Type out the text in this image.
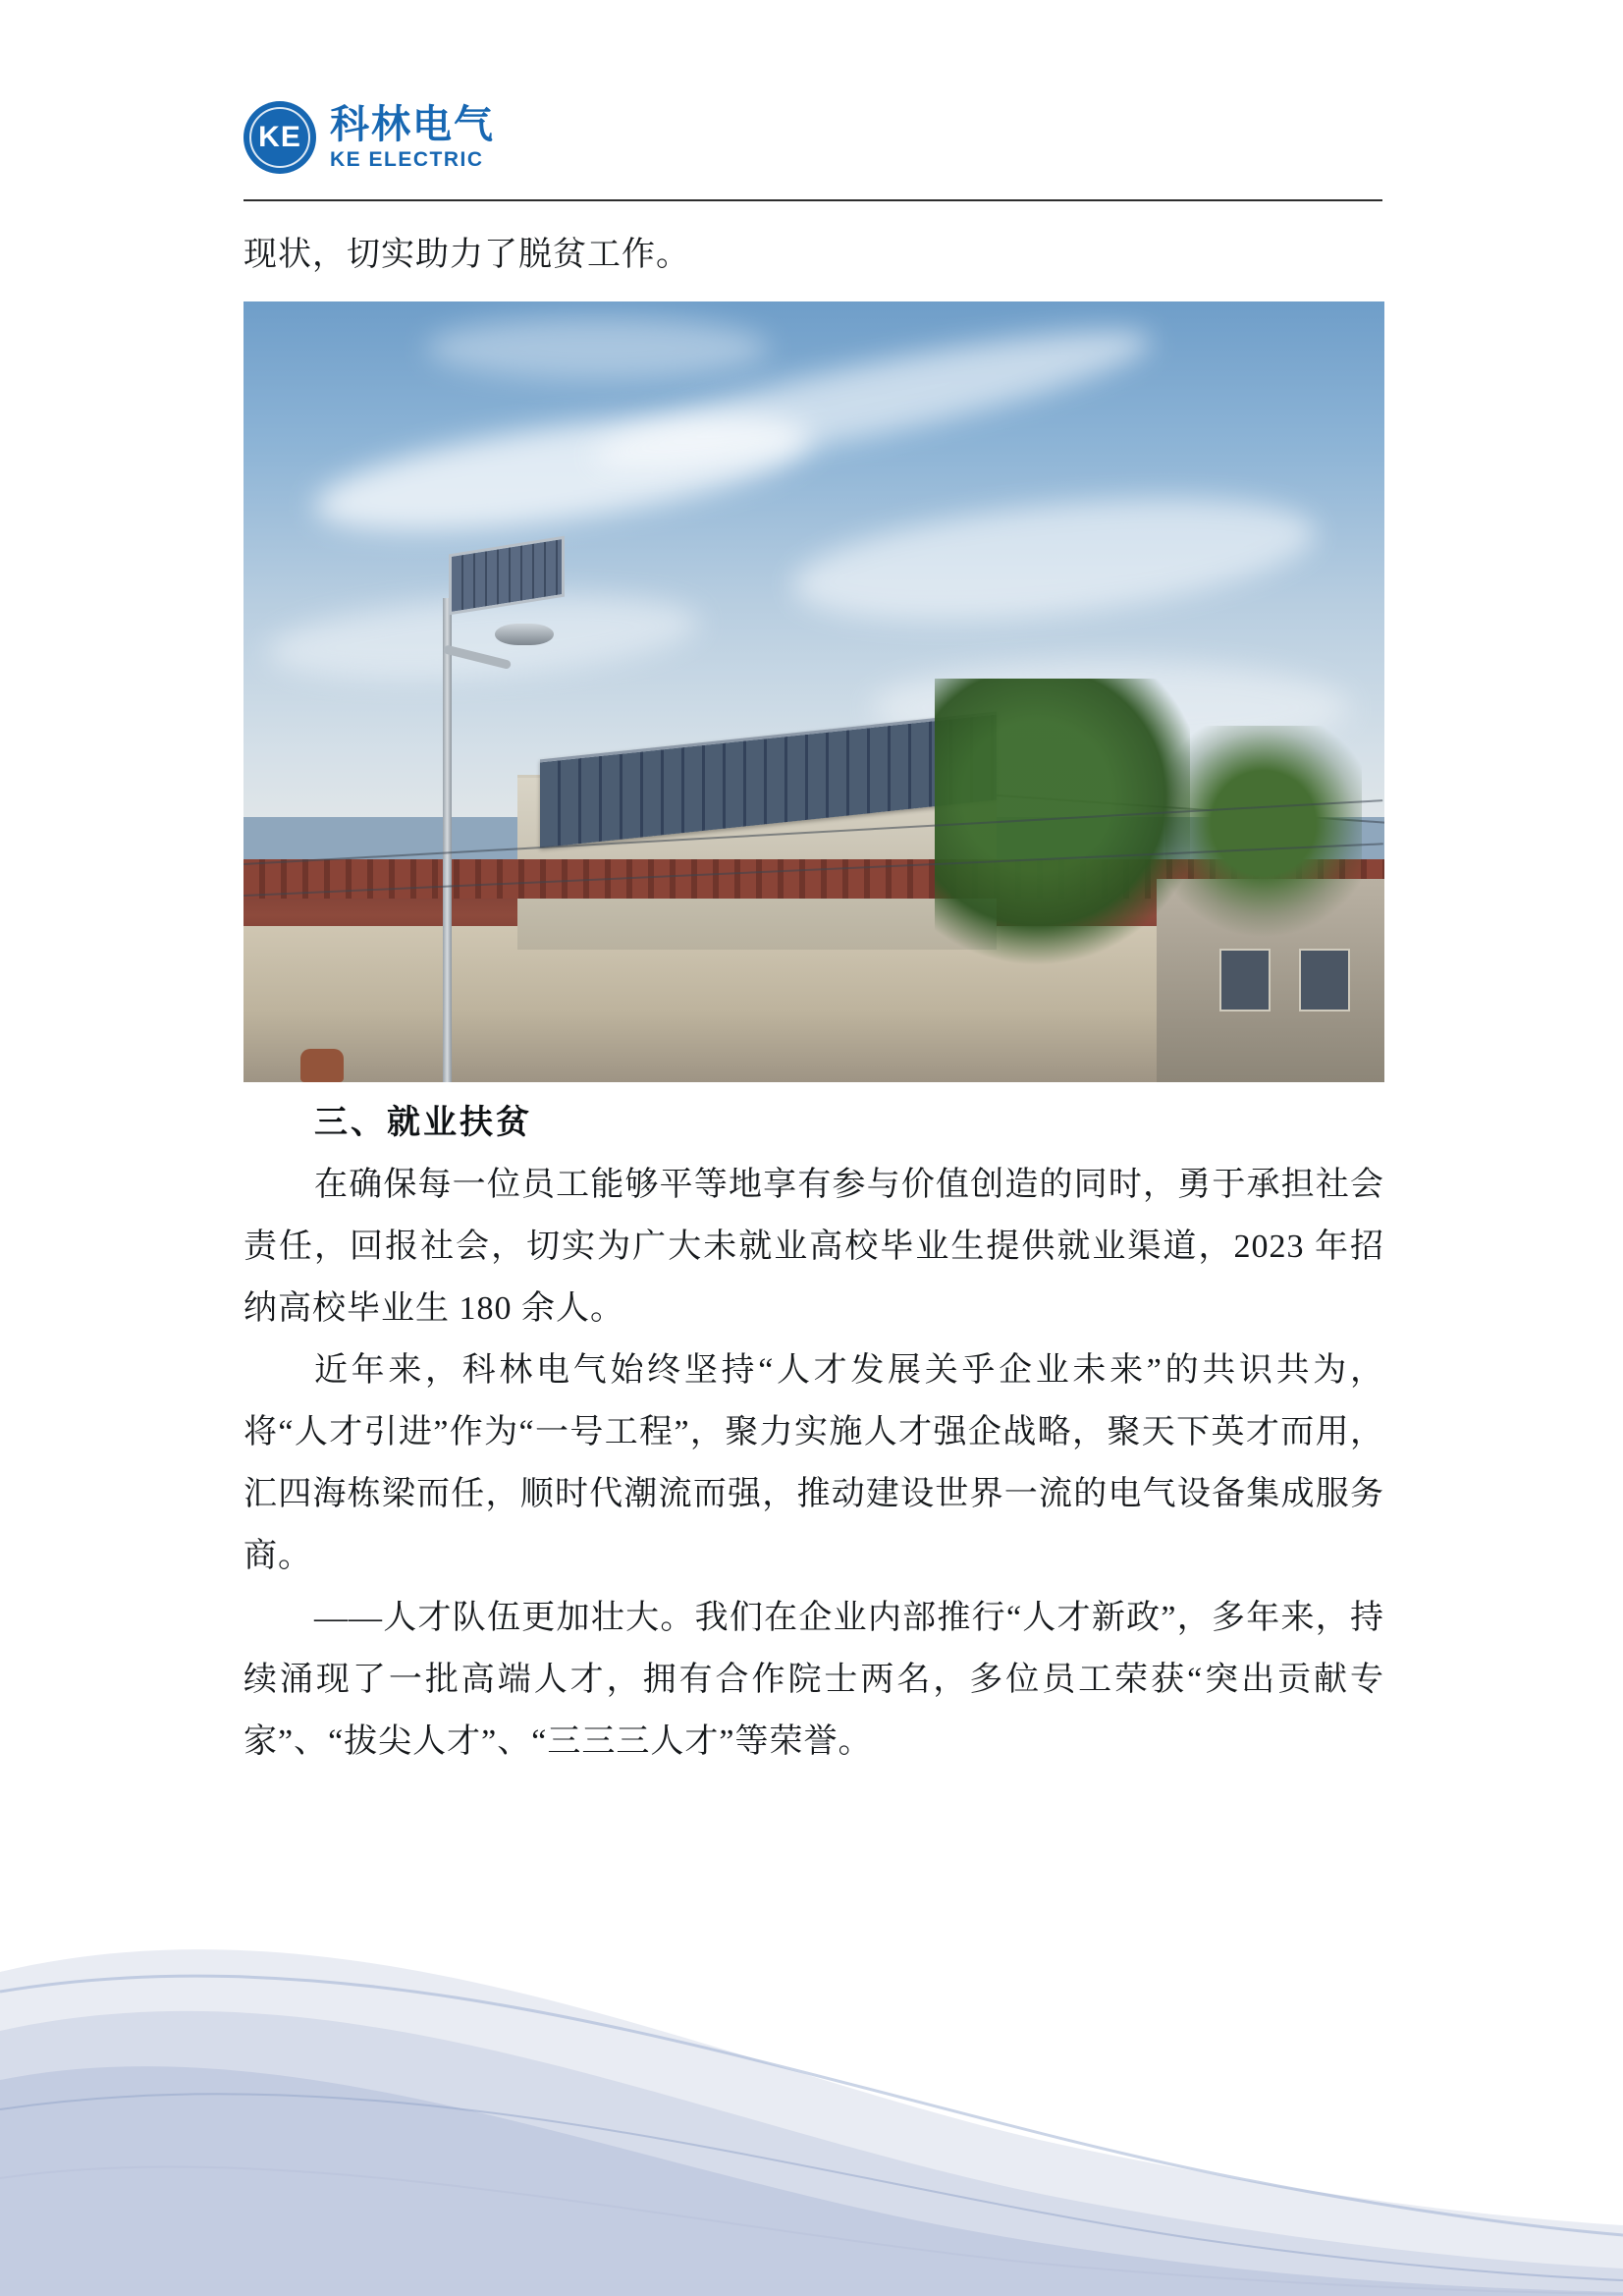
KE 科林电气
KE ELECTRIC

现状，切实助力了脱贫工作。

三、就业扶贫

在确保每一位员工能够平等地享有参与价值创造的同时，勇于承担社会责任，回报社会，切实为广大未就业高校毕业生提供就业渠道，2023 年招纳高校毕业生 180 余人。

近年来，科林电气始终坚持“人才发展关乎企业未来”的共识共为，将“人才引进”作为“一号工程”，聚力实施人才强企战略，聚天下英才而用，汇四海栋梁而任，顺时代潮流而强，推动建设世界一流的电气设备集成服务商。

——人才队伍更加壮大。我们在企业内部推行“人才新政”，多年来，持续涌现了一批高端人才，拥有合作院士两名，多位员工荣获“突出贡献专家”、“拔尖人才”、“三三三人才”等荣誉。
